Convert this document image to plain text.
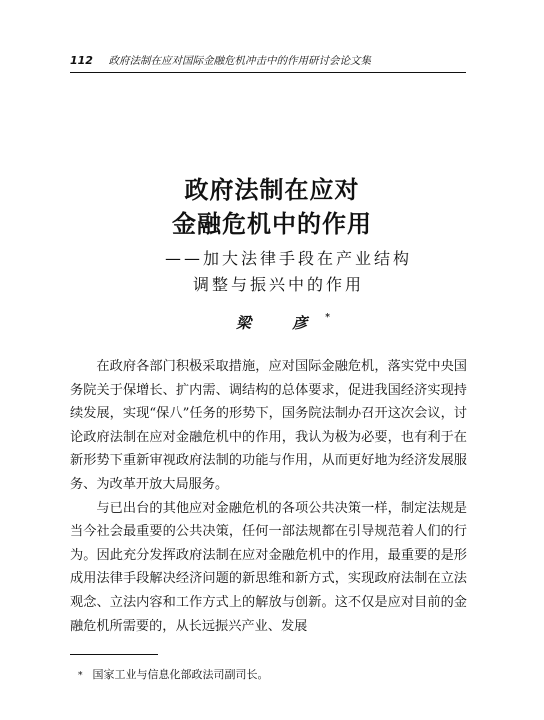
112 政府法制在应对国际金融危机冲击中的作用研讨会论文集
政府法制在应对
金融危机中的作用
——加大法律手段在产业结构
调整与振兴中的作用
梁 彦*

在政府各部门积极采取措施，应对国际金融危机，落实党中央国务院关于保增长、扩内需、调结构的总体要求，促进我国经济实现持续发展，实现“保八”任务的形势下，国务院法制办召开这次会议，讨论政府法制在应对金融危机中的作用，我认为极为必要，也有利于在新形势下重新审视政府法制的功能与作用，从而更好地为经济发展服务、为改革开放大局服务。

与已出台的其他应对金融危机的各项公共决策一样，制定法规是当今社会最重要的公共决策，任何一部法规都在引导规范着人们的行为。因此充分发挥政府法制在应对金融危机中的作用，最重要的是形成用法律手段解决经济问题的新思维和新方式，实现政府法制在立法观念、立法内容和工作方式上的解放与创新。这不仅是应对目前的金融危机所需要的，从长远振兴产业、发展

* 国家工业与信息化部政法司副司长。
